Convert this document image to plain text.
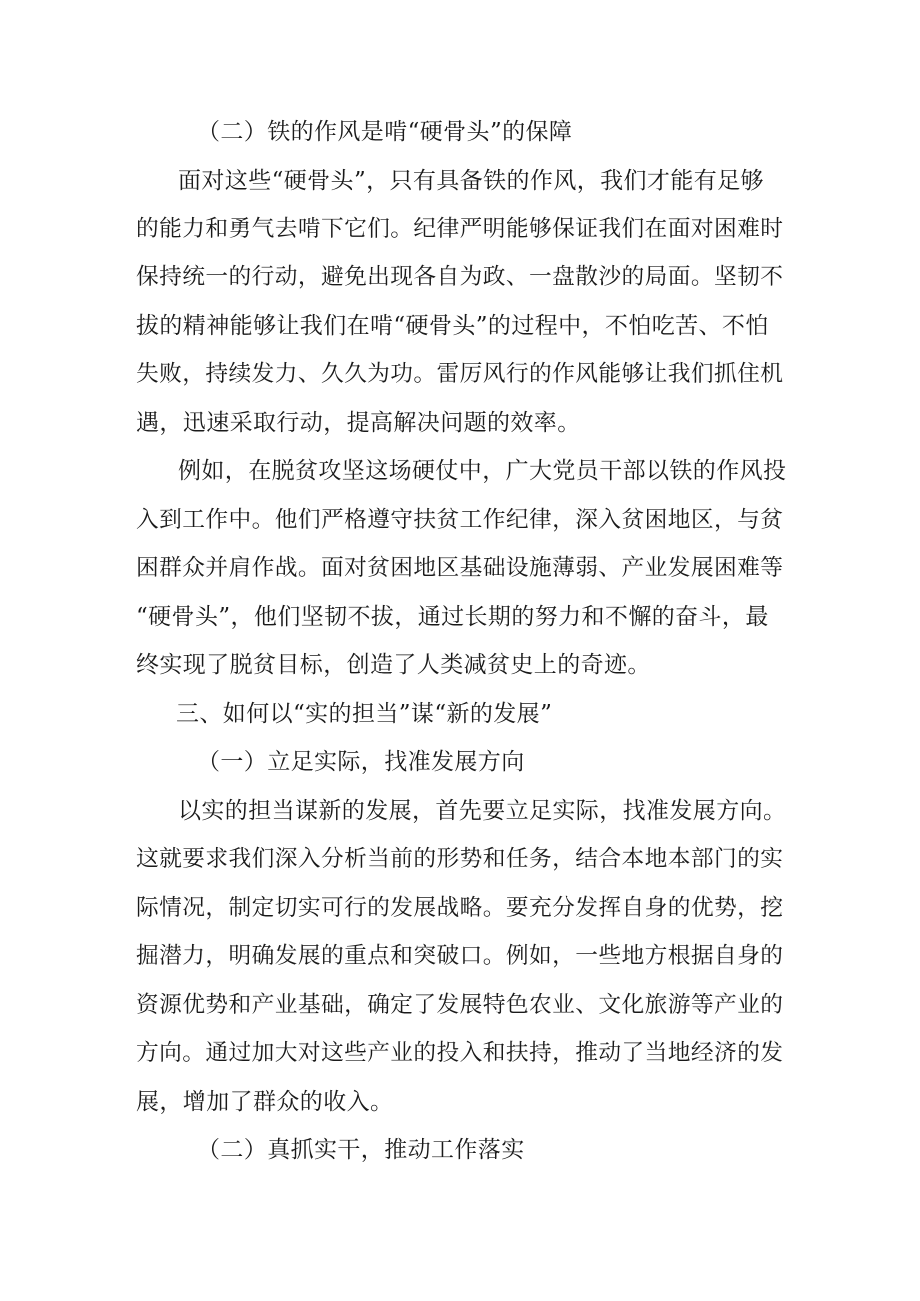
（二）铁的作风是啃“硬骨头”的保障
面对这些“硬骨头”，只有具备铁的作风，我们才能有足够
的能力和勇气去啃下它们。纪律严明能够保证我们在面对困难时
保持统一的行动，避免出现各自为政、一盘散沙的局面。坚韧不
拔的精神能够让我们在啃“硬骨头”的过程中，不怕吃苦、不怕
失败，持续发力、久久为功。雷厉风行的作风能够让我们抓住机
遇，迅速采取行动，提高解决问题的效率。
例如，在脱贫攻坚这场硬仗中，广大党员干部以铁的作风投
入到工作中。他们严格遵守扶贫工作纪律，深入贫困地区，与贫
困群众并肩作战。面对贫困地区基础设施薄弱、产业发展困难等
“硬骨头”，他们坚韧不拔，通过长期的努力和不懈的奋斗，最
终实现了脱贫目标，创造了人类减贫史上的奇迹。
三、如何以“实的担当”谋“新的发展”
（一）立足实际，找准发展方向
以实的担当谋新的发展，首先要立足实际，找准发展方向。
这就要求我们深入分析当前的形势和任务，结合本地本部门的实
际情况，制定切实可行的发展战略。要充分发挥自身的优势，挖
掘潜力，明确发展的重点和突破口。例如，一些地方根据自身的
资源优势和产业基础，确定了发展特色农业、文化旅游等产业的
方向。通过加大对这些产业的投入和扶持，推动了当地经济的发
展，增加了群众的收入。
（二）真抓实干，推动工作落实
